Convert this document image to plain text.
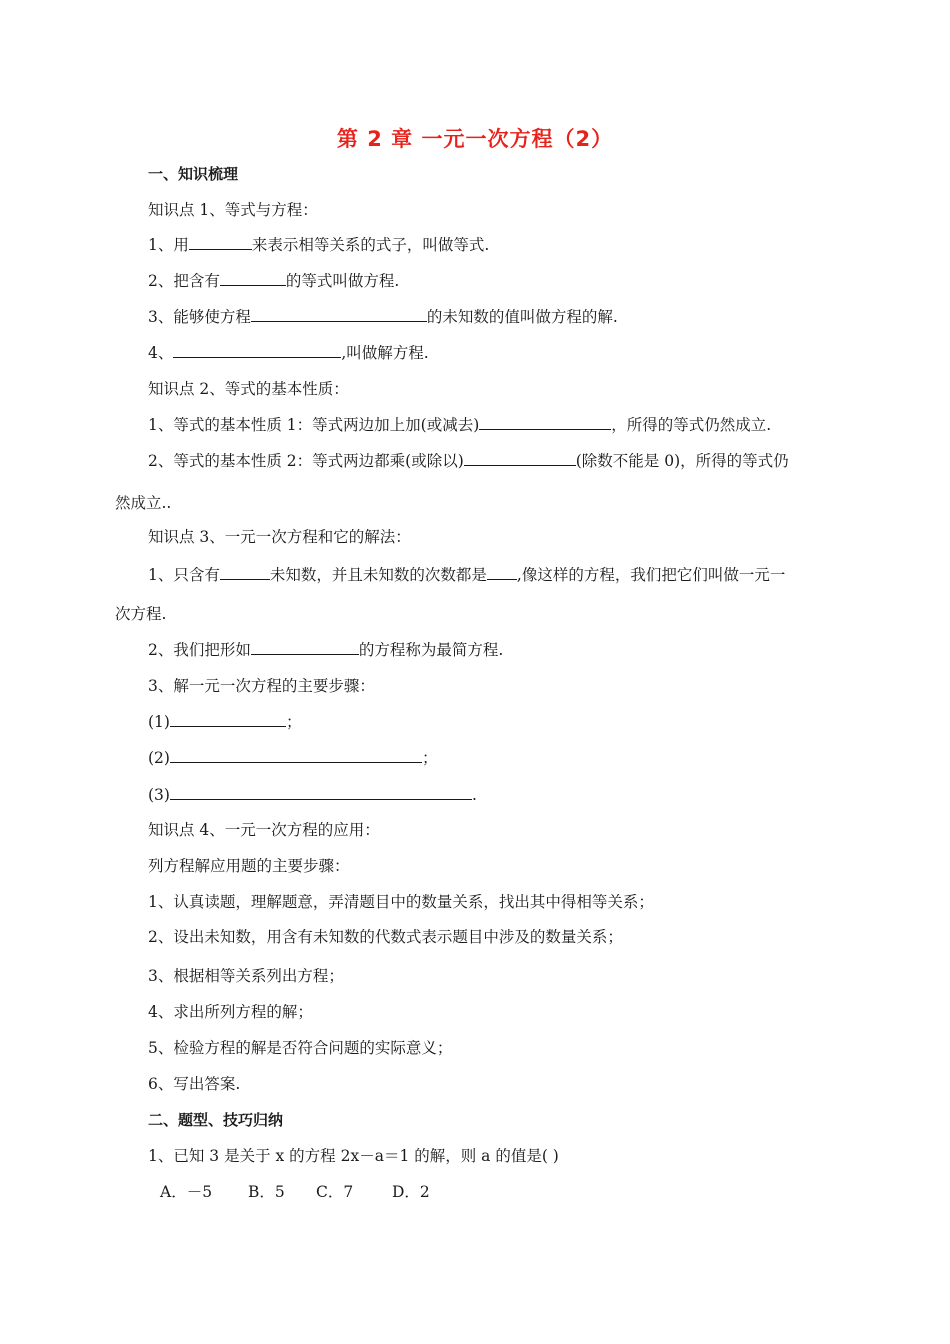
第 2 章 一元一次方程（2）
一、知识梳理
知识点 1、等式与方程：
1、用	来表示相等关系的式子，叫做等式.
2、把含有	的等式叫做方程.
3、能够使方程	的未知数的值叫做方程的解.
4、	,叫做解方程.
知识点 2、等式的基本性质：
1、等式的基本性质 1：等式两边加上加(或减去)	，所得的等式仍然成立.
2、等式的基本性质 2：等式两边都乘(或除以)	(除数不能是 0)，所得的等式仍
然成立..
知识点 3、一元一次方程和它的解法：
1、只含有	未知数，并且未知数的次数都是 ,像这样的方程，我们把它们叫做一元一
次方程.
2、我们把形如	的方程称为最简方程.
3、解一元一次方程的主要步骤：
(1)	；
(2)	；
(3)	.
知识点 4、一元一次方程的应用：
列方程解应用题的主要步骤：
1、认真读题，理解题意，弄清题目中的数量关系，找出其中得相等关系；
2、设出未知数，用含有未知数的代数式表示题目中涉及的数量关系；
3、根据相等关系列出方程；
4、求出所列方程的解；
5、检验方程的解是否符合问题的实际意义；
6、写出答案.
二、题型、技巧归纳
1、已知 3 是关于 x 的方程 2x－a＝1 的解，则 a 的值是( )
A．－5 B．5 C．7	D．2
